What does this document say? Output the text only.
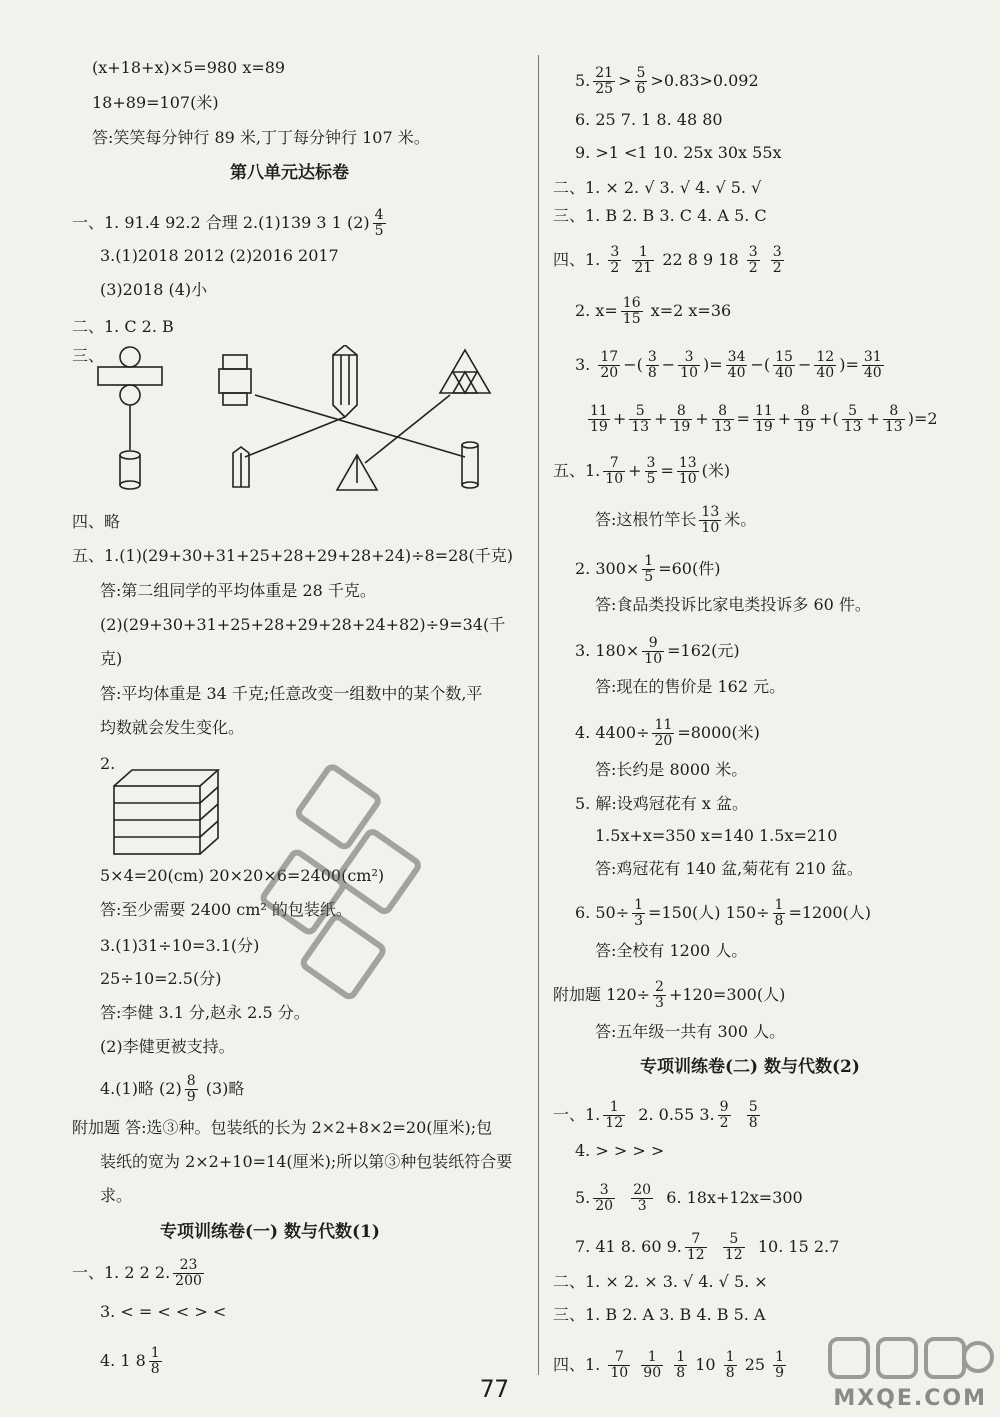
(x+18+x)×5=980 x=89
18+89=107(米)
答:笑笑每分钟行 89 米,丁丁每分钟行 107 米。
第八单元达标卷
一、1. 91.4 92.2 合理 2.(1)139 3 1 $(2) \frac{4}{5}$
3.(1)2018 2012 (2)2016 2017
(3)2018 (4)小
二、1. C 2. B
三、
四、略
五、1.(1)(29+30+31+25+28+29+28+24)÷8=28(千克)
答:第二组同学的平均体重是 28 千克。
(2)(29+30+31+25+28+29+28+24+82)÷9=34(千
克)
答:平均体重是 34 千克;任意改变一组数中的某个数,平
均数就会发生变化。
2.
5×4=20(cm) 20×20×6=2400(cm²)
答:至少需要 2400 cm² 的包装纸。
3.(1)31÷10=3.1(分)
25÷10=2.5(分)
答:李健 3.1 分,赵永 2.5 分。
(2)李健更被支持。
4.(1)略 $(2) \frac{8}{9} (3)$略
附加题 答:选③种。包装纸的长为 2×2+8×2=20(厘米);包
装纸的宽为 2×2+10=14(厘米);所以第③种包装纸符合要
求。
专项训练卷(一) 数与代数(1)
一、1. 2 2 2. $\frac{23}{200}$
3. < = < < > <
4. 1 $8 \frac{1}{8}$
5. $\frac{21}{25} > \frac{5}{6} >0.83>0.092$
6. 25 7. 1 8. 48 80
9. >1 <1 10. 25x 30x 55x
二、1. × 2. √ 3. √ 4. √ 5. √
三、1. B 2. B 3. C 4. A 5. C
四、1. $\frac{3}{2}$
$\frac{1}{21} 22$ 8 9 $18 \frac{3}{2}$
$\frac{3}{2}$
2. $x= \frac{16}{15} x=2$ x=36
3. $\frac{17}{20}$ −( $\frac{3}{8} - \frac{3}{10}$ )= $\frac{34}{40}$ −( $\frac{15}{40} - \frac{12}{40}$ )= $\frac{31}{40}$
$\frac{11}{19} + \frac{5}{13} + \frac{8}{19} + \frac{8}{13} = \frac{11}{19} + \frac{8}{19}$ +( $\frac{5}{13} + \frac{8}{13} )=2$
五、1. $\frac{7}{10} + \frac{3}{5} = \frac{13}{10}$ (米)
答:这根竹竿长 $\frac{13}{10}$ 米。
2. $300\times \frac{1}{5} =60$(件)
答:食品类投诉比家电类投诉多 60 件。
3. $180\times \frac{9}{10} =162$(元)
答:现在的售价是 162 元。
4. $4400\div \frac{11}{20} =8000$(米)
答:长约是 8000 米。
5. 解:设鸡冠花有 x 盆。
1.5x+x=350 x=140 1.5x=210
答:鸡冠花有 140 盆,菊花有 210 盆。
6. $50\div \frac{1}{3} =150$(人) $150\div \frac{1}{8} =1200$(人)
答:全校有 1200 人。
附加题 $120\div \frac{2}{3} +120=300$(人)
答:五年级一共有 300 人。
专项训练卷(二) 数与代数(2)
一、1. $\frac{1}{12} 2$. 0.55 3. $\frac{9}{2}$
$\frac{5}{8}$
4. > > > >
5. $\frac{3}{20}$
$\frac{20}{3} 6$. 18x+12x=300
7. 41 8. 60 9. $\frac{7}{12}$
$\frac{5}{12} 10$. 15 2.7
二、1. × 2. × 3. √ 4. √ 5. ×
三、1. B 2. A 3. B 4. B 5. A
四、1. $\frac{7}{10}$
$\frac{1}{90}$
$\frac{1}{8} 10 \frac{1}{8} 25 \frac{1}{9}$
77	MXQE.COM
